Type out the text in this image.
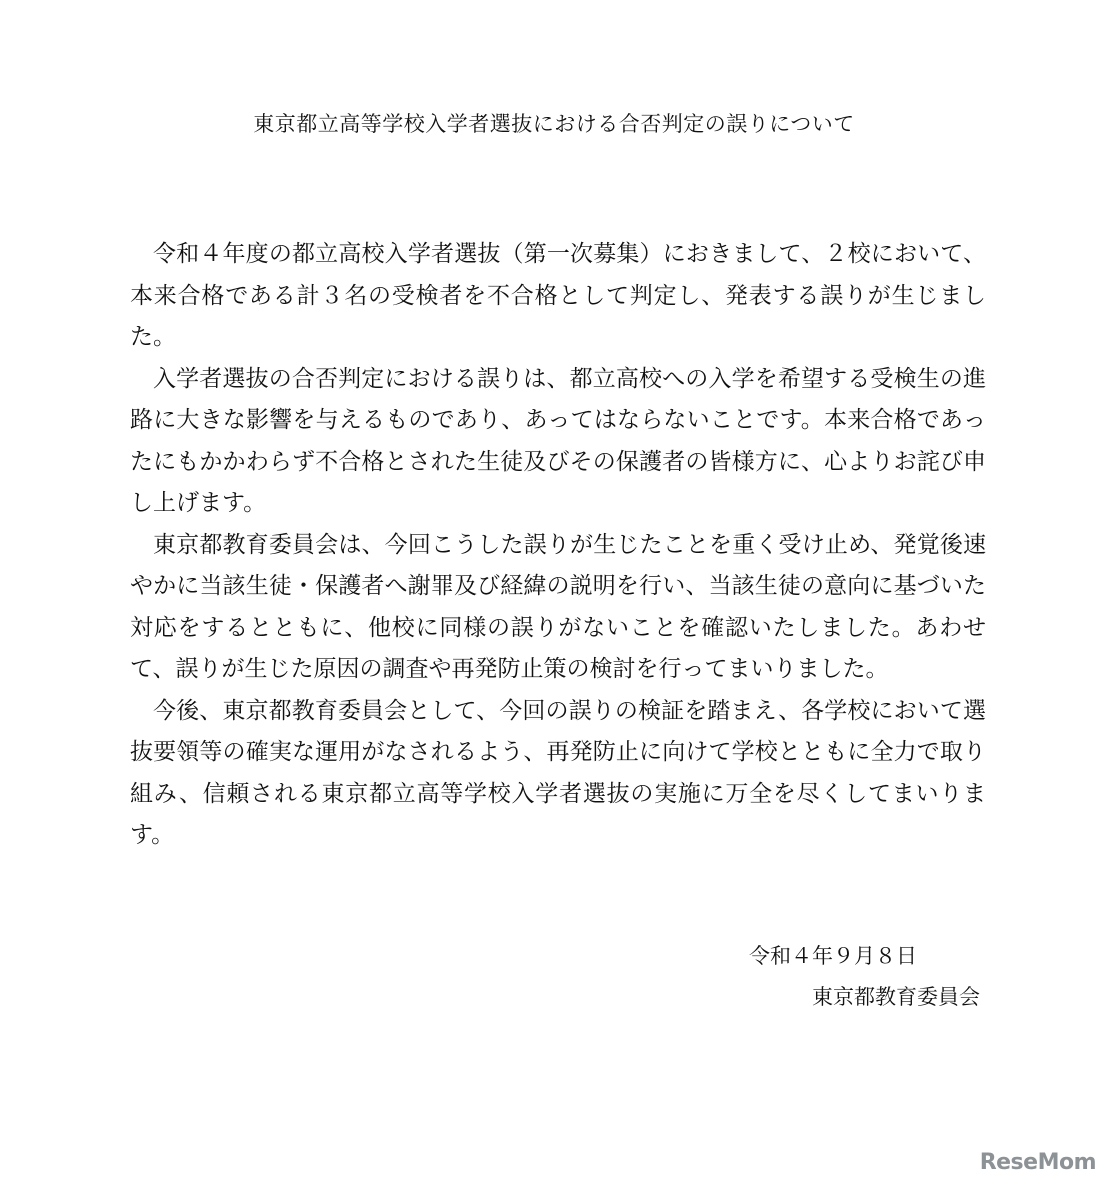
東京都立高等学校入学者選抜における合否判定の誤りについて

令和４年度の都立高校入学者選抜（第一次募集）におきまして、２校において、本来合格である計３名の受検者を不合格として判定し、発表する誤りが生じました。

入学者選抜の合否判定における誤りは、都立高校への入学を希望する受検生の進路に大きな影響を与えるものであり、あってはならないことです。本来合格であったにもかかわらず不合格とされた生徒及びその保護者の皆様方に、心よりお詫び申し上げます。

東京都教育委員会は、今回こうした誤りが生じたことを重く受け止め、発覚後速やかに当該生徒・保護者へ謝罪及び経緯の説明を行い、当該生徒の意向に基づいた対応をするとともに、他校に同様の誤りがないことを確認いたしました。あわせて、誤りが生じた原因の調査や再発防止策の検討を行ってまいりました。

今後、東京都教育委員会として、今回の誤りの検証を踏まえ、各学校において選抜要領等の確実な運用がなされるよう、再発防止に向けて学校とともに全力で取り組み、信頼される東京都立高等学校入学者選抜の実施に万全を尽くしてまいります。

令和４年９月８日
東京都教育委員会
ReseMom
